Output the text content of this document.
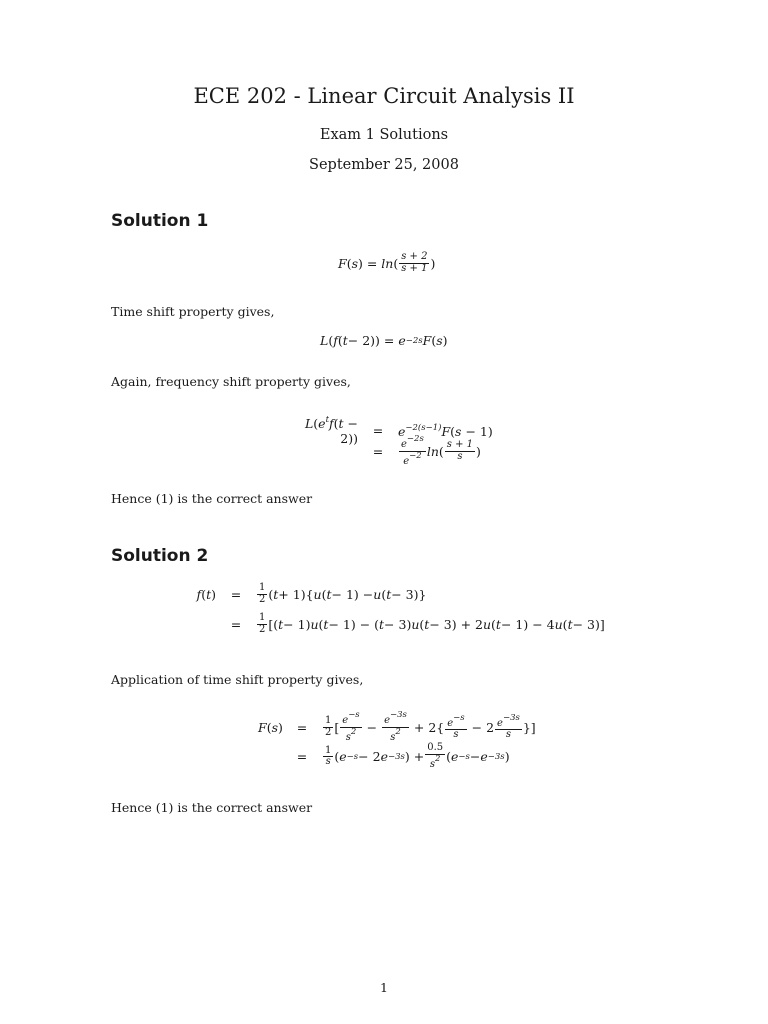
ECE 202 - Linear Circuit Analysis II
Exam 1 Solutions
September 25, 2008
Solution 1
F ( s ) = ln ( $\frac{s + 2}{s + 1}$ )
Time shift property gives,
L ( f ( t − 2)) = e −2s F ( s )
Again, frequency shift property gives,
$L(e^tf(t - 2))$
=	$e^{-2(s-1)}F(s - 1)$
=	$\frac{e^{-2s}}{e^{-2}}$ ln ( $\frac{s + 1}{s}$ )
Hence (1) is the correct answer
Solution 2
f(t)	=	$\frac{1}{2}$ ( t + 1){ u ( t − 1) − u ( t − 3)}
=	$\frac{1}{2}$ [( t − 1) u ( t − 1) − ( t − 3) u ( t − 3) + 2 u ( t − 1) − 4 u ( t − 3)]
Application of time shift property gives,
F(s)	=	$\frac{1}{2}$ [ $\frac{e^{-s}}{s^2} - \frac{e^{-3s}}{s^2} + 2\{ \frac{e^{-s}}{s} - 2 \frac{e^{-3s}}{s}$ }]
=	$\frac{1}{s}$ ( e −s − 2 e −3s ) + $\frac{0.5}{s^2}$ ( e −s − e −3s )
Hence (1) is the correct answer
1
